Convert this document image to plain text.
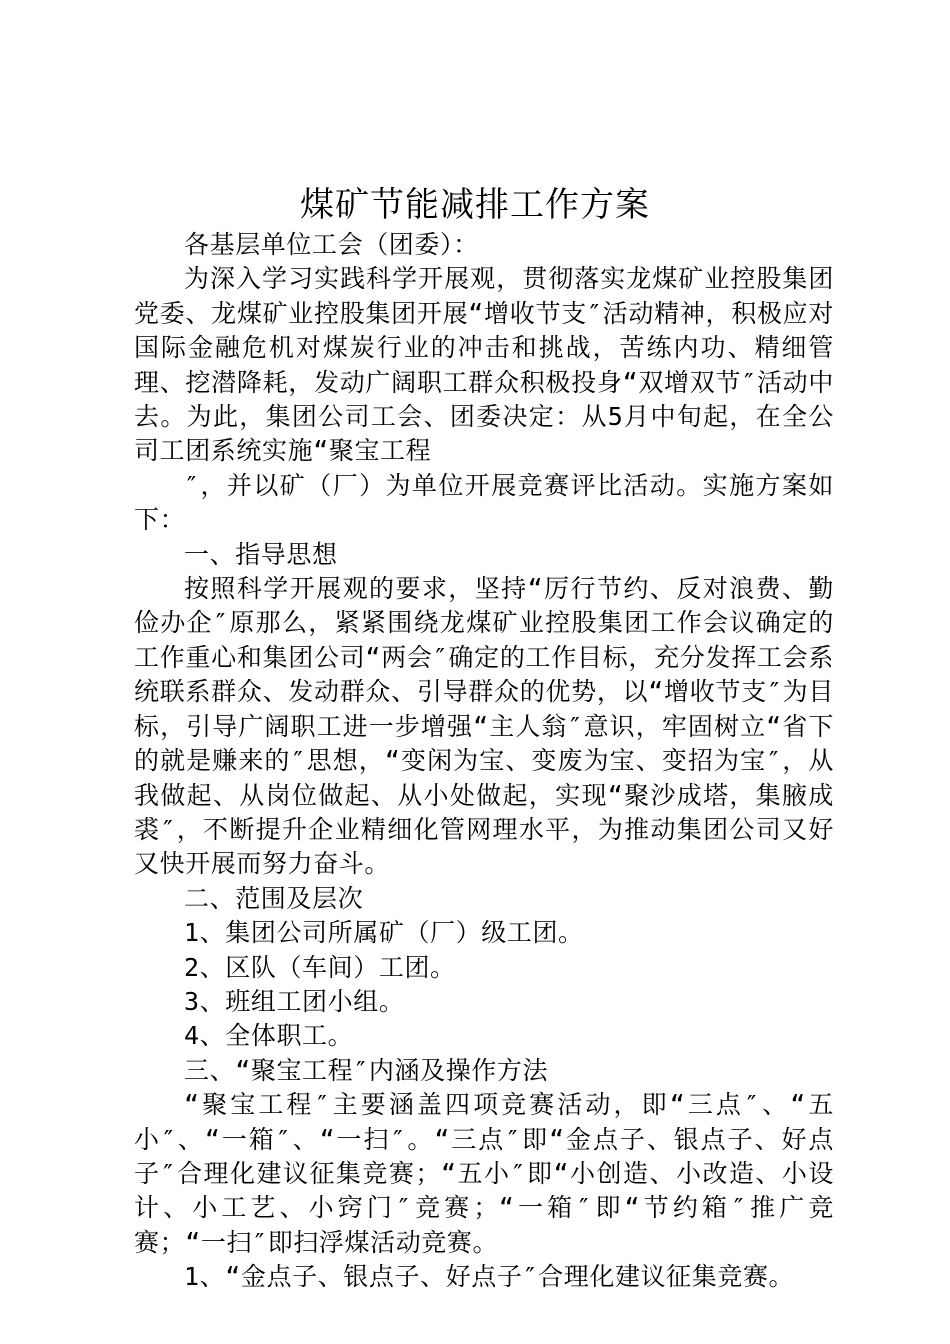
煤矿节能减排工作方案

各基层单位工会（团委）：

为深入学习实践科学开展观，贯彻落实龙煤矿业控股集团党委、龙煤矿业控股集团开展“增收节支″活动精神，积极应对国际金融危机对煤炭行业的冲击和挑战，苦练内功、精细管理、挖潜降耗，发动广阔职工群众积极投身“双增双节″活动中去。为此，集团公司工会、团委决定：从5月中旬起，在全公司工团系统实施“聚宝工程

″，并以矿（厂）为单位开展竞赛评比活动。实施方案如下：

一、指导思想

按照科学开展观的要求，坚持“厉行节约、反对浪费、勤俭办企″原那么，紧紧围绕龙煤矿业控股集团工作会议确定的工作重心和集团公司“两会″确定的工作目标，充分发挥工会系统联系群众、发动群众、引导群众的优势，以“增收节支″为目标，引导广阔职工进一步增强“主人翁″意识，牢固树立“省下的就是赚来的″思想，“变闲为宝、变废为宝、变招为宝″，从我做起、从岗位做起、从小处做起，实现“聚沙成塔，集腋成裘″，不断提升企业精细化管网理水平，为推动集团公司又好又快开展而努力奋斗。

二、范围及层次

1、集团公司所属矿（厂）级工团。

2、区队（车间）工团。

3、班组工团小组。

4、全体职工。

三、“聚宝工程″内涵及操作方法

“聚宝工程″主要涵盖四项竞赛活动，即“三点″、“五小″、“一箱″、“一扫″。“三点″即“金点子、银点子、好点子″合理化建议征集竞赛；“五小″即“小创造、小改造、小设计、小工艺、小窍门″竞赛；“一箱″即“节约箱″推广竞赛；“一扫″即扫浮煤活动竞赛。

1、“金点子、银点子、好点子″合理化建议征集竞赛。
